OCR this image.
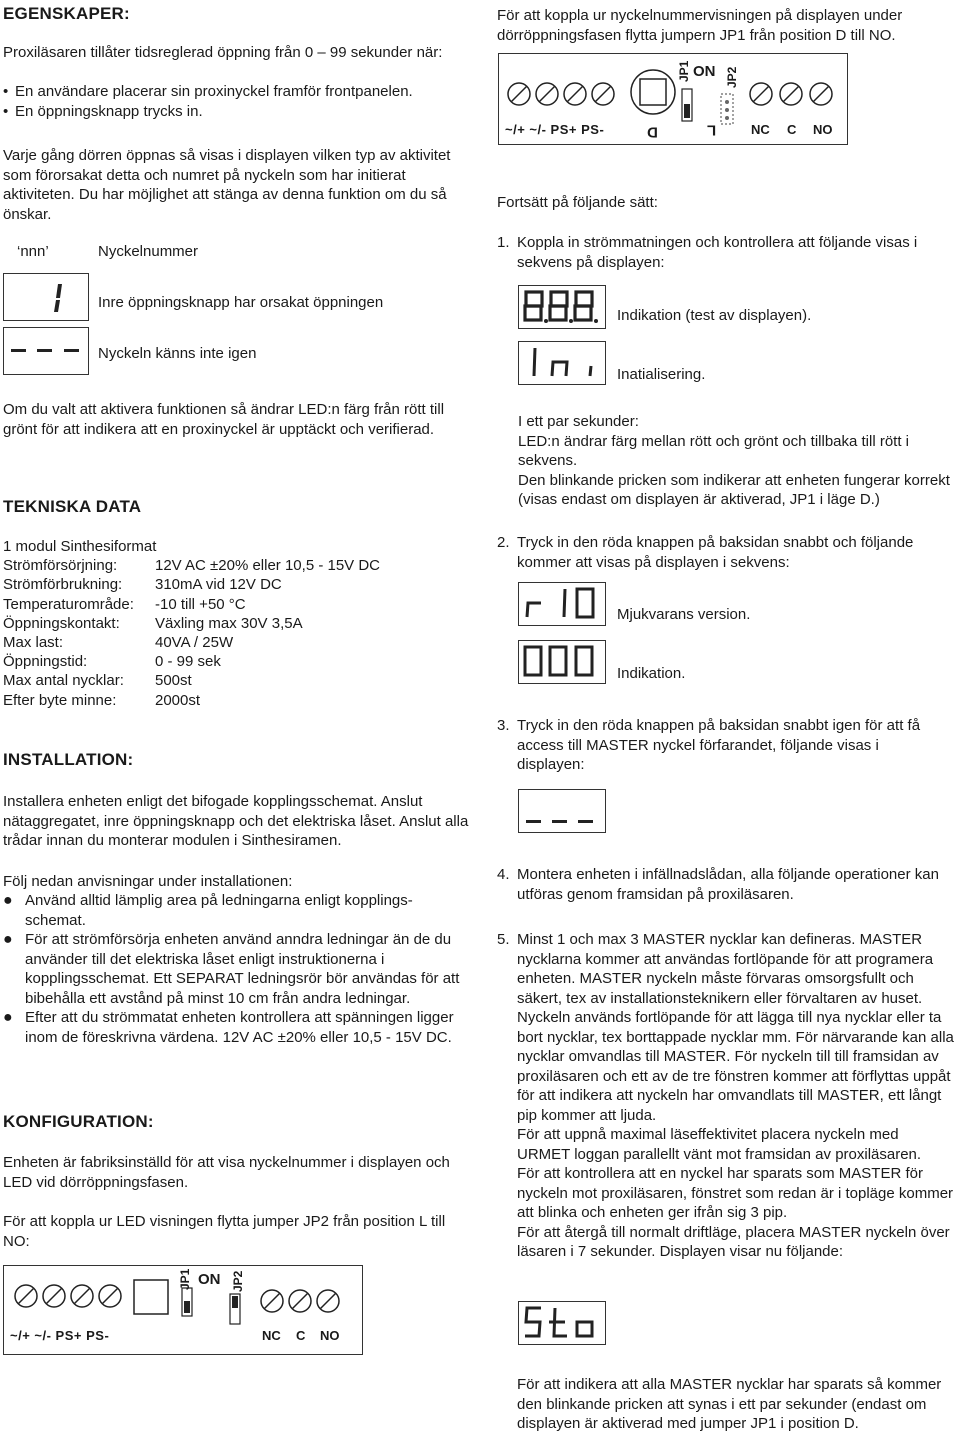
EGENSKAPER:
Proxiläsaren tillåter tidsreglerad öppning från 0 – 99 sekunder när:
• En användare placerar sin proxinyckel framför frontpanelen.
• En öppningsknapp trycks in.
Varje gång dörren öppnas så visas i displayen vilken typ av aktivitet som förorsakat detta och numret på nyckeln som har initierat aktiviteten. Du har möjlighet att stänga av denna funktion om du så önskar.
‘nnn’	Nyckelnummer
Inre öppningsknapp har orsakat öppningen
Nyckeln känns inte igen
Om du valt att aktivera funktionen så ändrar LED:n färg från rött till grönt för att indikera att en proxinyckel är upptäckt och verifierad.
TEKNISKA DATA
1 modul Sinthesiformat
Strömförsörjning:	12V AC ±20% eller 10,5 - 15V DC
Strömförbrukning:	310mA vid 12V DC
Temperaturområde:	-10 till +50 °C
Öppningskontakt:	Växling max 30V 3,5A
Max last:	40VA / 25W
Öppningstid:	0 - 99 sek
Max antal nycklar:	500st
Efter byte minne:	2000st
INSTALLATION:
Installera enheten enligt det bifogade kopplingsschemat. Anslut nätaggregatet, inre öppningsknapp och det elektriska låset. Anslut alla trådar innan du monterar modulen i Sinthesiramen.
Följ nedan anvisningar under installationen:
● Använd alltid lämplig area på ledningarna enligt kopplings-schemat.
● För att strömförsörja enheten använd anndra ledningar än de du använder till det elektriska låset enligt instruktionerna i kopplingsschemat. Ett SEPARAT ledningsrör bör användas för att bibehålla ett avstånd på minst 10 cm från andra ledningar.
● Efter att du strömmatat enheten kontrollera att spänningen ligger inom de föreskrivna värdena. 12V AC ±20% eller 10,5 - 15V DC.
KONFIGURATION:
Enheten är fabriksinställd för att visa nyckelnummer i displayen och LED vid dörröppningsfasen.
För att koppla ur LED visningen flytta jumper JP2 från position L till NO:
JP1 ON JP2
~/+ ~/- PS+ PS-	NC C NO
För att koppla ur nyckelnummervisningen på displayen under dörröppningsfasen flytta jumpern JP1 från position D till NO.
JP1 ON JP2
~/+ ~/- PS+ PS-	D	L	NC C NO
Fortsätt på följande sätt:
1. Koppla in strömmatningen och kontrollera att följande visas i sekvens på displayen:
Indikation (test av displayen).
Inatialisering.
I ett par sekunder:
LED:n ändrar färg mellan rött och grönt och tillbaka till rött i sekvens.
Den blinkande pricken som indikerar att enheten fungerar korrekt (visas endast om displayen är aktiverad, JP1 i läge D.)
2. Tryck in den röda knappen på baksidan snabbt och följande kommer att visas på displayen i sekvens:
Mjukvarans version.
Indikation.
3. Tryck in den röda knappen på baksidan snabbt igen för att få access till MASTER nyckel förfarandet, följande visas i displayen:
4. Montera enheten i infällnadslådan, alla följande operationer kan utföras genom framsidan på proxiläsaren.
5. Minst 1 och max 3 MASTER nycklar kan defineras. MASTER nycklarna kommer att användas fortlöpande för att programera enheten. MASTER nyckeln måste förvaras omsorgsfullt och säkert, tex av installationsteknikern eller förvaltaren av huset. Nyckeln används fortlöpande för att lägga till nya nycklar eller ta bort nycklar, tex borttappade nycklar mm. För närvarande kan alla nycklar omvandlas till MASTER. För nyckeln till till framsidan av proxiläsaren och ett av de tre fönstren kommer att förflyttas uppåt för att indikera att nyckeln har omvandlats till MASTER, ett långt pip kommer att ljuda.
För att uppnå maximal läseffektivitet placera nyckeln med URMET loggan parallellt vänt mot framsidan av proxiläsaren.
För att kontrollera att en nyckel har sparats som MASTER för nyckeln mot proxiläsaren, fönstret som redan är i topläge kommer att blinka och enheten ger ifrån sig 3 pip.
För att återgå till normalt driftläge, placera MASTER nyckeln över läsaren i 7 sekunder. Displayen visar nu följande:
För att indikera att alla MASTER nycklar har sparats så kommer den blinkande pricken att synas i ett par sekunder (endast om displayen är aktiverad med jumper JP1 i position D.
